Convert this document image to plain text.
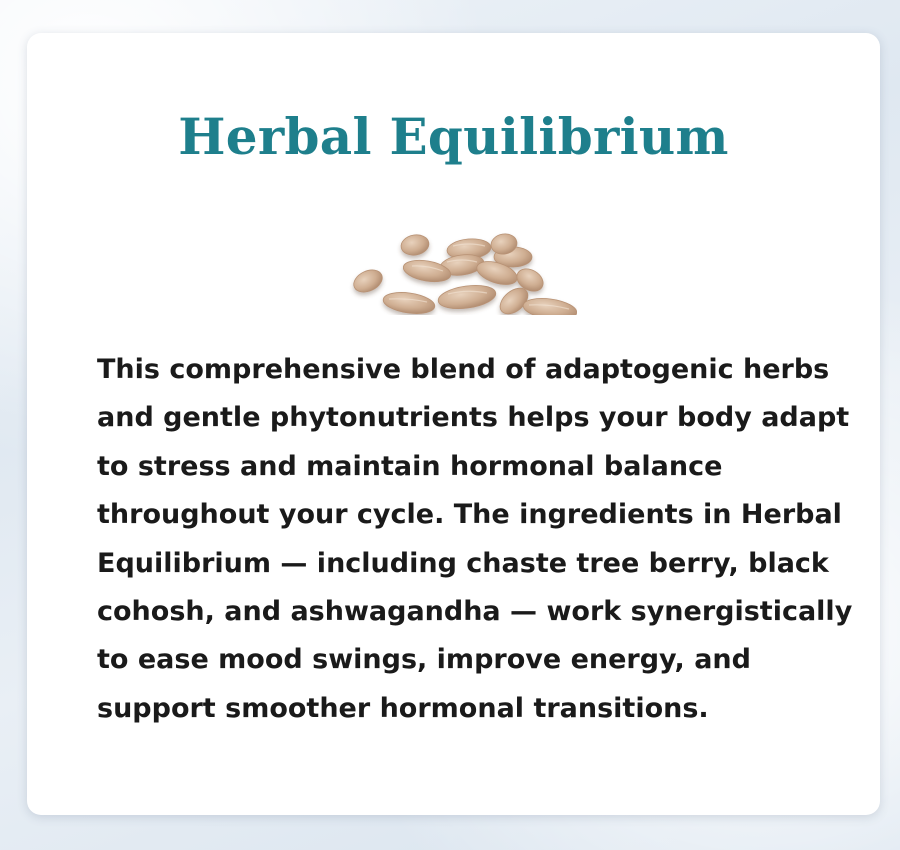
Herbal Equilibrium

This comprehensive blend of adaptogenic herbs and gentle phytonutrients helps your body adapt to stress and maintain hormonal balance throughout your cycle. The ingredients in Herbal Equilibrium — including chaste tree berry, black cohosh, and ashwagandha — work synergistically to ease mood swings, improve energy, and support smoother hormonal transitions.
